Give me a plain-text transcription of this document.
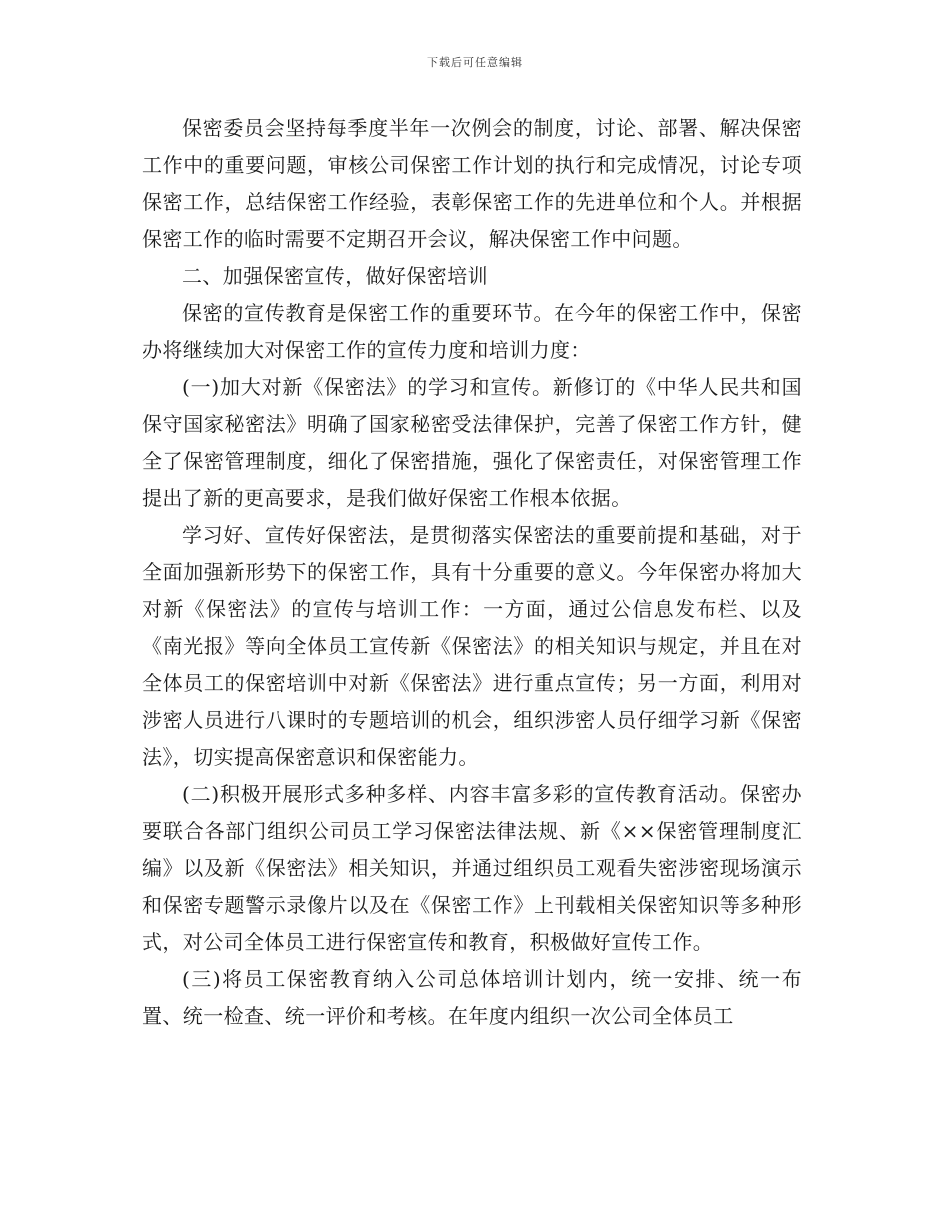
下载后可任意编辑

保密委员会坚持每季度半年一次例会的制度，讨论、部署、解决保密工作中的重要问题，审核公司保密工作计划的执行和完成情况，讨论专项保密工作，总结保密工作经验，表彰保密工作的先进单位和个人。并根据保密工作的临时需要不定期召开会议，解决保密工作中问题。

二、加强保密宣传，做好保密培训

保密的宣传教育是保密工作的重要环节。在今年的保密工作中，保密办将继续加大对保密工作的宣传力度和培训力度：

(一)加大对新《保密法》的学习和宣传。新修订的《中华人民共和国保守国家秘密法》明确了国家秘密受法律保护，完善了保密工作方针，健全了保密管理制度，细化了保密措施，强化了保密责任，对保密管理工作提出了新的更高要求，是我们做好保密工作根本依据。

学习好、宣传好保密法，是贯彻落实保密法的重要前提和基础，对于全面加强新形势下的保密工作，具有十分重要的意义。今年保密办将加大对新《保密法》的宣传与培训工作：一方面，通过公信息发布栏、以及《南光报》等向全体员工宣传新《保密法》的相关知识与规定，并且在对全体员工的保密培训中对新《保密法》进行重点宣传；另一方面，利用对涉密人员进行八课时的专题培训的机会，组织涉密人员仔细学习新《保密法》，切实提高保密意识和保密能力。

(二)积极开展形式多种多样、内容丰富多彩的宣传教育活动。保密办要联合各部门组织公司员工学习保密法律法规、新《××保密管理制度汇编》以及新《保密法》相关知识，并通过组织员工观看失密涉密现场演示和保密专题警示录像片以及在《保密工作》上刊载相关保密知识等多种形式，对公司全体员工进行保密宣传和教育，积极做好宣传工作。

(三)将员工保密教育纳入公司总体培训计划内，统一安排、统一布置、统一检查、统一评价和考核。在年度内组织一次公司全体员工
